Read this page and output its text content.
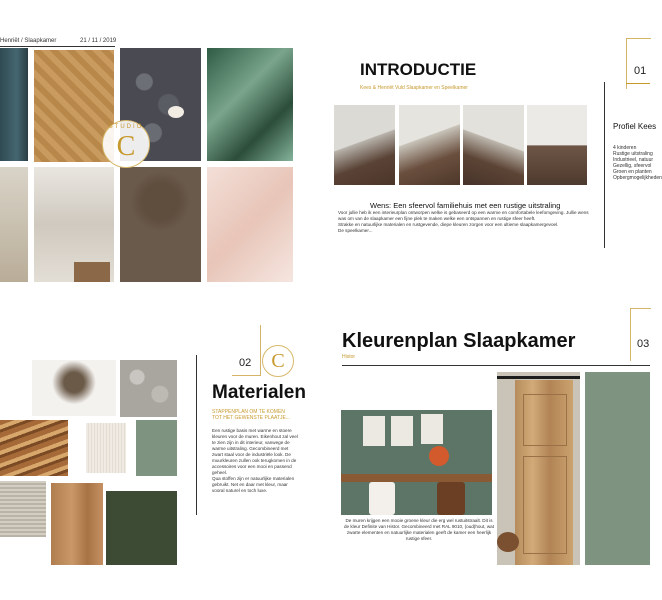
Henriët / Slaapkamer	21 / 11 / 2019
STUDIO
C
INTRODUCTIE
Kees & Henriët Vuld Slaapkamer en Speelkamer
01
Wens: Een sfeervol familiehuis met een rustige uitstraling
Voor jullie heb ik een interieurplan ontworpen welke is gebaseerd op een warme en comfortabele leefomgeving. Jullie wens
was om van de slaapkamer een fijne plek te maken welke een ontspannen en rustige sfeer heeft.
Strakke en natuurlijke materialen en rustgevende, diepe kleuren zorgen voor een ultieme slaapkamergevoel.
De speelkamer...
Profiel Kees
4 kinderen
Rustige uitstraling
Industrieel, natuur
Gezellig, sfeervol
Groen en planten
Opbergmogelijkheden
02	C
Materialen
STAPPENPLAN OM TE KOMEN
TOT HET GEWENSTE PLAATJE...
Een rustige basis met warme en stoere
kleuren voor de muren. Eikenhout zal veel
te zien zijn in dit interieur, vanwege de
warme uitstraling. Gecombineerd met
zwart staal voor de industriële look. De
muurkleuren zullen ook terugkomen in de
accessoires voor een mooi en passend
geheel.
Qua stoffen zijn er natuurlijke materialen
gebruikt. Net en daar met kleur, maar
vooral naturel en toch luxe.
Kleurenplan Slaapkamer
Histor
03
De muren krijgen een mooie groene kleur die erg wel rustuitstraalt. Dit is
de kleur Definite van Histor. Gecombineerd met RAL 9010, (oud)hout, wat
zwarte elementen en natuurlijke materialen geeft de kamer een heerlijk
rustige sfeer.
